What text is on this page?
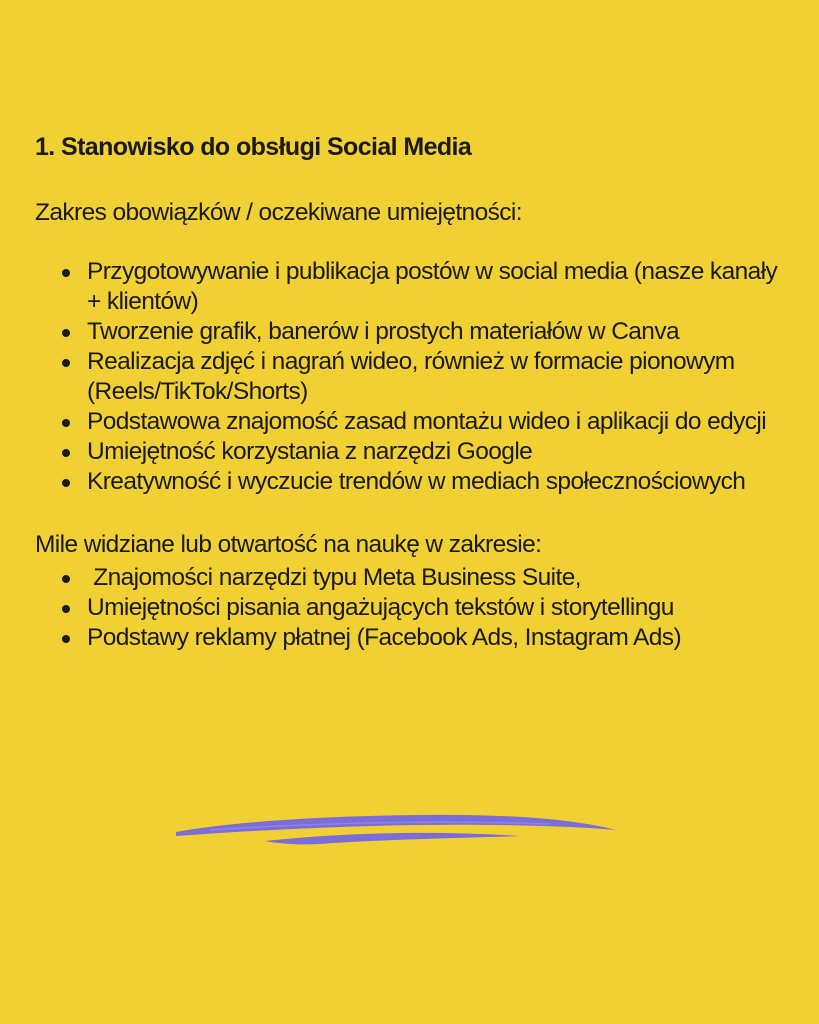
1. Stanowisko do obsługi Social Media

Zakres obowiązków / oczekiwane umiejętności:

Przygotowywanie i publikacja postów w social media (nasze kanały + klientów)
Tworzenie grafik, banerów i prostych materiałów w Canva
Realizacja zdjęć i nagrań wideo, również w formacie pionowym (Reels/TikTok/Shorts)
Podstawowa znajomość zasad montażu wideo i aplikacji do edycji
Umiejętność korzystania z narzędzi Google
Kreatywność i wyczucie trendów w mediach społecznościowych

Mile widziane lub otwartość na naukę w zakresie:

Znajomości narzędzi typu Meta Business Suite,
Umiejętności pisania angażujących tekstów i storytellingu
Podstawy reklamy płatnej (Facebook Ads, Instagram Ads)
